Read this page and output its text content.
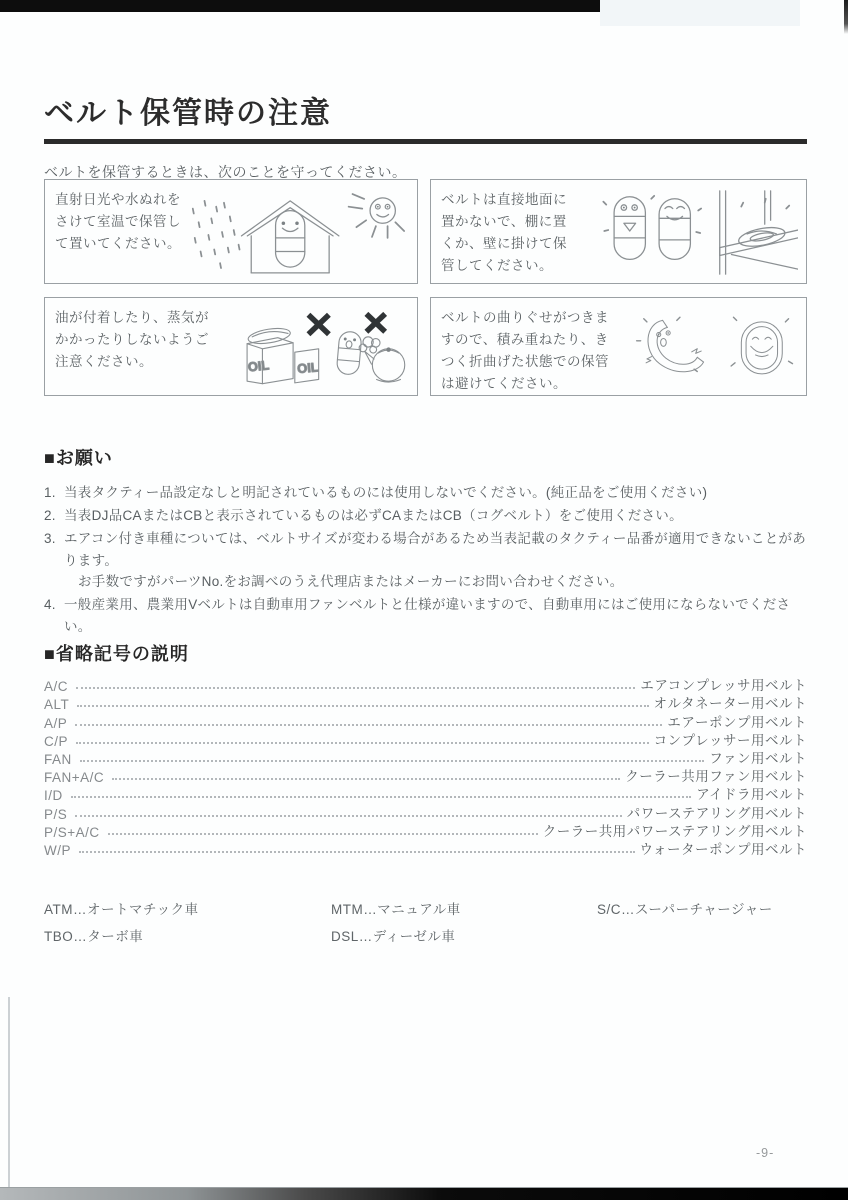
ベルト保管時の注意
ベルトを保管するときは、次のことを守ってください。
直射日光や水ぬれをさけて室温で保管して置いてください。
ベルトは直接地面に置かないで、棚に置くか、壁に掛けて保管してください。
油が付着したり、蒸気がかかったりしないようご注意ください。	OIL OIL
ベルトの曲りぐせがつきますので、積み重ねたり、きつく折曲げた状態での保管は避けてください。
■お願い
1. 当表タクティー品設定なしと明記されているものには使用しないでください。(純正品をご使用ください)
2. 当表DJ品CAまたはCBと表示されているものは必ずCAまたはCB（コグベルト）をご使用ください。
3. エアコン付き車種については、ベルトサイズが変わる場合があるため当表記載のタクティー品番が適用できないことがあります。
お手数ですがパーツNo.をお調べのうえ代理店またはメーカーにお問い合わせください。
4. 一般産業用、農業用Vベルトは自動車用ファンベルトと仕様が違いますので、自動車用にはご使用にならないでください。
■省略記号の説明
A/C	エアコンプレッサ用ベルト
ALT	オルタネーター用ベルト
A/P	エアーポンプ用ベルト
C/P	コンプレッサー用ベルト
FAN	ファン用ベルト
FAN+A/C	クーラー共用ファン用ベルト
I/D	アイドラ用ベルト
P/S	パワーステアリング用ベルト
P/S+A/C	クーラー共用パワーステアリング用ベルト
W/P	ウォーターポンプ用ベルト
ATM…オートマチック車	MTM…マニュアル車	S/C…スーパーチャージャー
TBO…ターボ車	DSL…ディーゼル車
-9-
